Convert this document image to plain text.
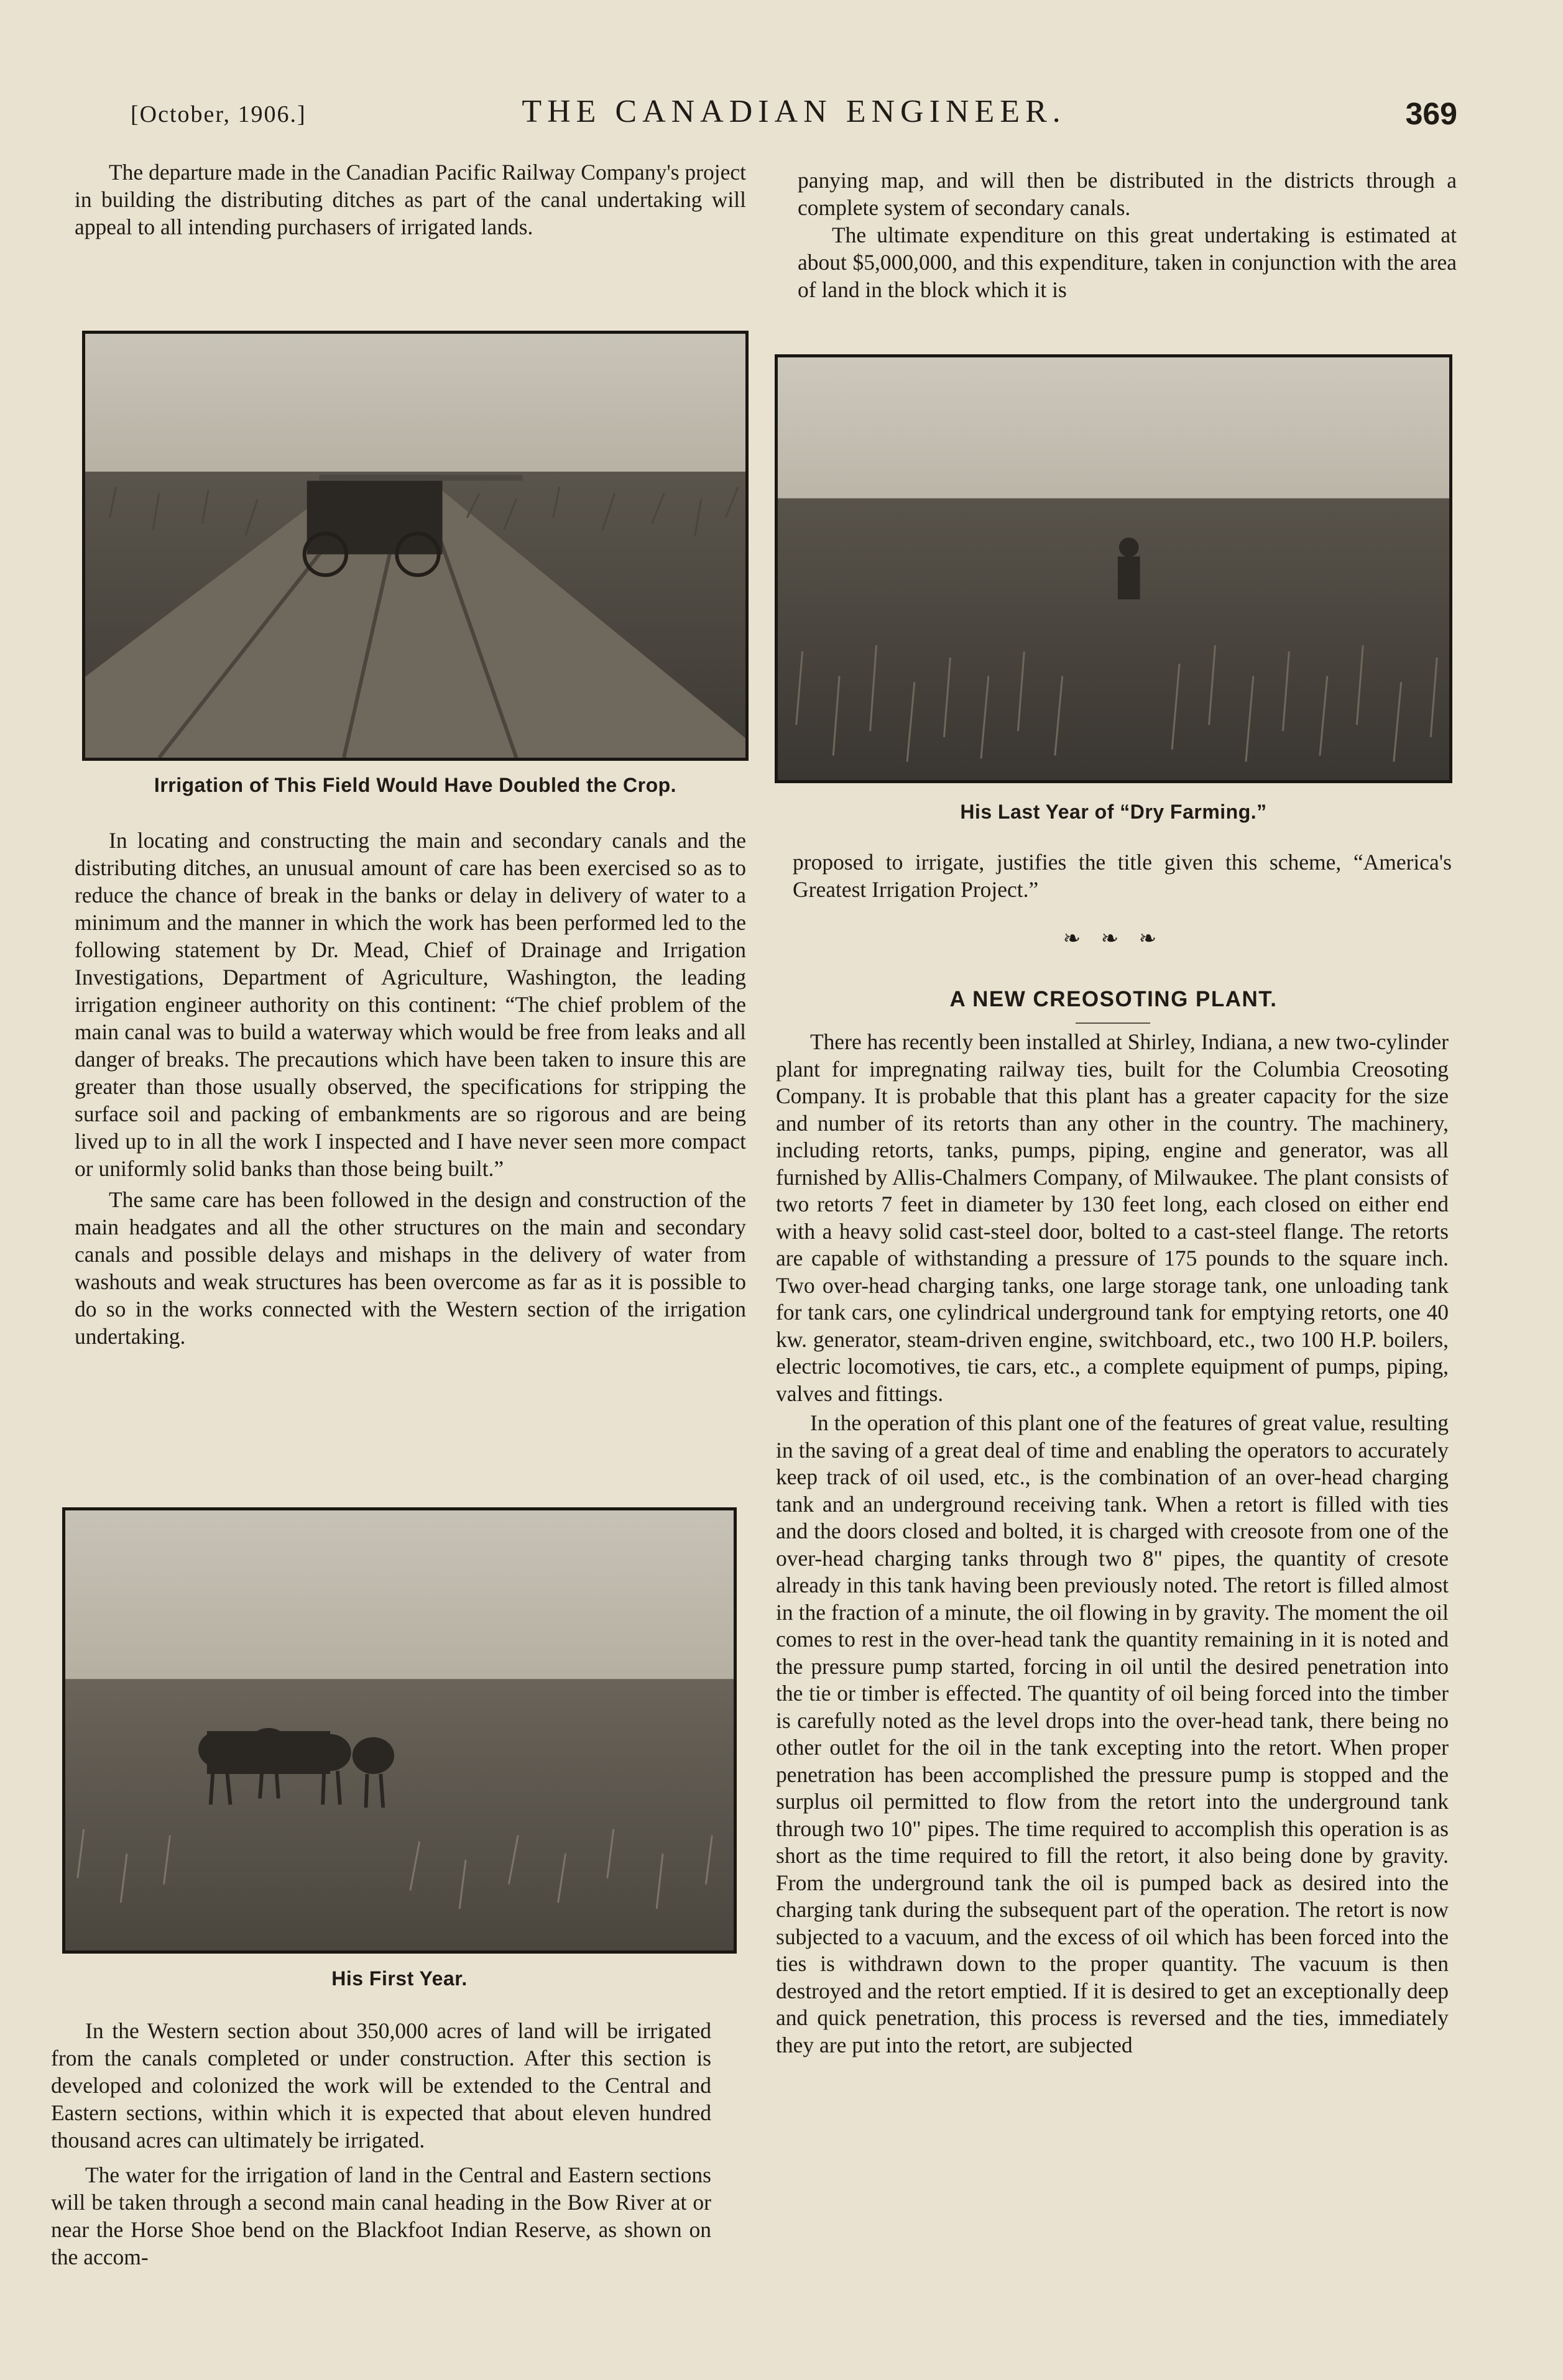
[October, 1906.]	THE CANADIAN ENGINEER.	369

The departure made in the Canadian Pacific Railway Company's project in building the distributing ditches as part of the canal undertaking will appeal to all intending purchasers of irrigated lands.

Irrigation of This Field Would Have Doubled the Crop.

In locating and constructing the main and secondary canals and the distributing ditches, an unusual amount of care has been exercised so as to reduce the chance of break in the banks or delay in delivery of water to a minimum and the manner in which the work has been performed led to the following statement by Dr. Mead, Chief of Drainage and Irrigation Investigations, Department of Agriculture, Washington, the leading irrigation engineer authority on this continent: “The chief problem of the main canal was to build a waterway which would be free from leaks and all danger of breaks. The precautions which have been taken to insure this are greater than those usually observed, the specifications for stripping the surface soil and packing of embankments are so rigorous and are being lived up to in all the work I inspected and I have never seen more compact or uniformly solid banks than those being built.”

The same care has been followed in the design and construction of the main headgates and all the other structures on the main and secondary canals and possible delays and mishaps in the delivery of water from washouts and weak structures has been overcome as far as it is possible to do so in the works connected with the Western section of the irrigation undertaking.

His First Year.

In the Western section about 350,000 acres of land will be irrigated from the canals completed or under construction. After this section is developed and colonized the work will be extended to the Central and Eastern sections, within which it is expected that about eleven hundred thousand acres can ultimately be irrigated.

The water for the irrigation of land in the Central and Eastern sections will be taken through a second main canal heading in the Bow River at or near the Horse Shoe bend on the Blackfoot Indian Reserve, as shown on the accom-

panying map, and will then be distributed in the districts through a complete system of secondary canals.

The ultimate expenditure on this great undertaking is estimated at about $5,000,000, and this expenditure, taken in conjunction with the area of land in the block which it is

His Last Year of “Dry Farming.”

proposed to irrigate, justifies the title given this scheme, “America's Greatest Irrigation Project.”

❧ ❧ ❧
A NEW CREOSOTING PLANT.

There has recently been installed at Shirley, Indiana, a new two-cylinder plant for impregnating railway ties, built for the Columbia Creosoting Company. It is probable that this plant has a greater capacity for the size and number of its retorts than any other in the country. The machinery, including retorts, tanks, pumps, piping, engine and generator, was all furnished by Allis-Chalmers Company, of Milwaukee. The plant consists of two retorts 7 feet in diameter by 130 feet long, each closed on either end with a heavy solid cast-steel door, bolted to a cast-steel flange. The retorts are capable of withstanding a pressure of 175 pounds to the square inch. Two over-head charging tanks, one large storage tank, one unloading tank for tank cars, one cylindrical underground tank for emptying retorts, one 40 kw. generator, steam-driven engine, switchboard, etc., two 100 H.P. boilers, electric locomotives, tie cars, etc., a complete equipment of pumps, piping, valves and fittings.

In the operation of this plant one of the features of great value, resulting in the saving of a great deal of time and enabling the operators to accurately keep track of oil used, etc., is the combination of an over-head charging tank and an underground receiving tank. When a retort is filled with ties and the doors closed and bolted, it is charged with creosote from one of the over-head charging tanks through two 8" pipes, the quantity of cresote already in this tank having been previously noted. The retort is filled almost in the fraction of a minute, the oil flowing in by gravity. The moment the oil comes to rest in the over-head tank the quantity remaining in it is noted and the pressure pump started, forcing in oil until the desired penetration into the tie or timber is effected. The quantity of oil being forced into the timber is carefully noted as the level drops into the over-head tank, there being no other outlet for the oil in the tank excepting into the retort. When proper penetration has been accomplished the pressure pump is stopped and the surplus oil permitted to flow from the retort into the underground tank through two 10" pipes. The time required to accomplish this operation is as short as the time required to fill the retort, it also being done by gravity. From the underground tank the oil is pumped back as desired into the charging tank during the subsequent part of the operation. The retort is now subjected to a vacuum, and the excess of oil which has been forced into the ties is withdrawn down to the proper quantity. The vacuum is then destroyed and the retort emptied. If it is desired to get an exceptionally deep and quick penetration, this process is reversed and the ties, immediately they are put into the retort, are subjected
